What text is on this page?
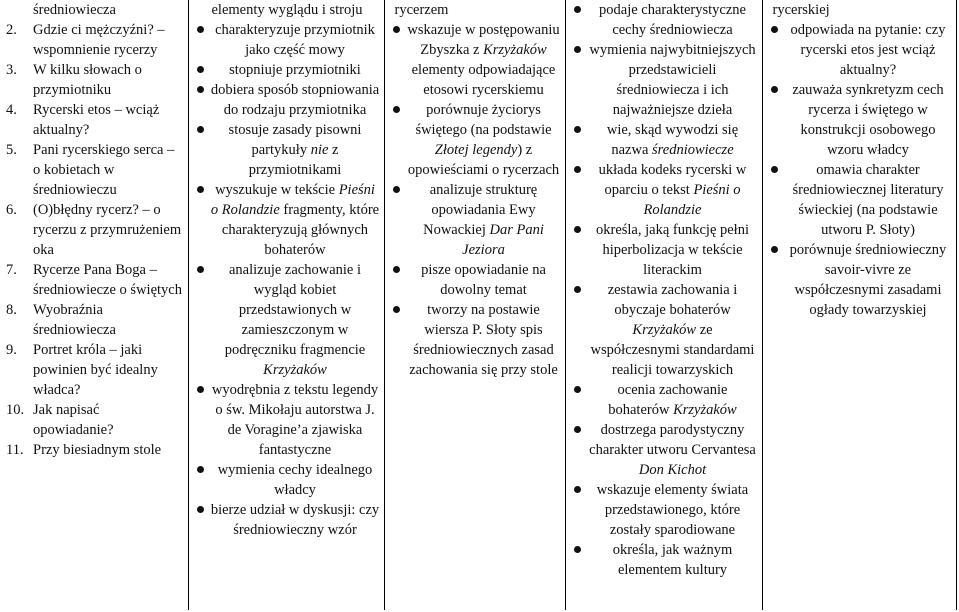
średniowiecza
2.	Gdzie ci mężczyźni? – wspomnienie rycerzy
3.	W kilku słowach o przymiotniku
4.	Rycerski etos – wciąż aktualny?
5.	Pani rycerskiego serca – o kobietach w średniowieczu
6.	(O)błędny rycerz? – o rycerzu z przymrużeniem oka
7.	Rycerze Pana Boga – średniowiecze o świętych
8.	Wyobraźnia średniowiecza
9.	Portret króla – jaki powinien być idealny władca?
10. Jak napisać opowiadanie?
11. Przy biesiadnym stole

elementy wyglądu i stroju
charakteryzuje przymiotnik jako część mowy
stopniuje przymiotniki
dobiera sposób stopniowania do rodzaju przymiotnika
stosuje zasady pisowni partykuły nie z przymiotnikami
wyszukuje w tekście Pieśni o Rolandzie fragmenty, które charakteryzują głównych bohaterów
analizuje zachowanie i wygląd kobiet przedstawionych w zamieszczonym w podręczniku fragmencie Krzyżaków
wyodrębnia z tekstu legendy o św. Mikołaju autorstwa J. de Voragine’a zjawiska fantastyczne
wymienia cechy idealnego władcy
bierze udział w dyskusji: czy średniowieczny wzór

rycerzem
wskazuje w postępowaniu Zbyszka z Krzyżaków elementy odpowiadające etosowi rycerskiemu
porównuje życiorys świętego (na podstawie Złotej legendy) z opowieściami o rycerzach
analizuje strukturę opowiadania Ewy Nowackiej Dar Pani Jeziora
pisze opowiadanie na dowolny temat
tworzy na postawie wiersza P. Słoty spis średniowiecznych zasad zachowania się przy stole

podaje charakterystyczne cechy średniowiecza
wymienia najwybitniejszych przedstawicieli średniowiecza i ich najważniejsze dzieła
wie, skąd wywodzi się nazwa średniowiecze
układa kodeks rycerski w oparciu o tekst Pieśni o Rolandzie
określa, jaką funkcję pełni hiperbolizacja w tekście literackim
zestawia zachowania i obyczaje bohaterów Krzyżaków ze współczesnymi standardami realicji towarzyskich
ocenia zachowanie bohaterów Krzyżaków
dostrzega parodystyczny charakter utworu Cervantesa Don Kichot
wskazuje elementy świata przedstawionego, które zostały sparodiowane
określa, jak ważnym elementem kultury

rycerskiej
odpowiada na pytanie: czy rycerski etos jest wciąż aktualny?
zauważa synkretyzm cech rycerza i świętego w konstrukcji osobowego wzoru władcy
omawia charakter średniowiecznej literatury świeckiej (na podstawie utworu P. Słoty)
porównuje średniowieczny savoir-vivre ze współczesnymi zasadami ogłady towarzyskiej
